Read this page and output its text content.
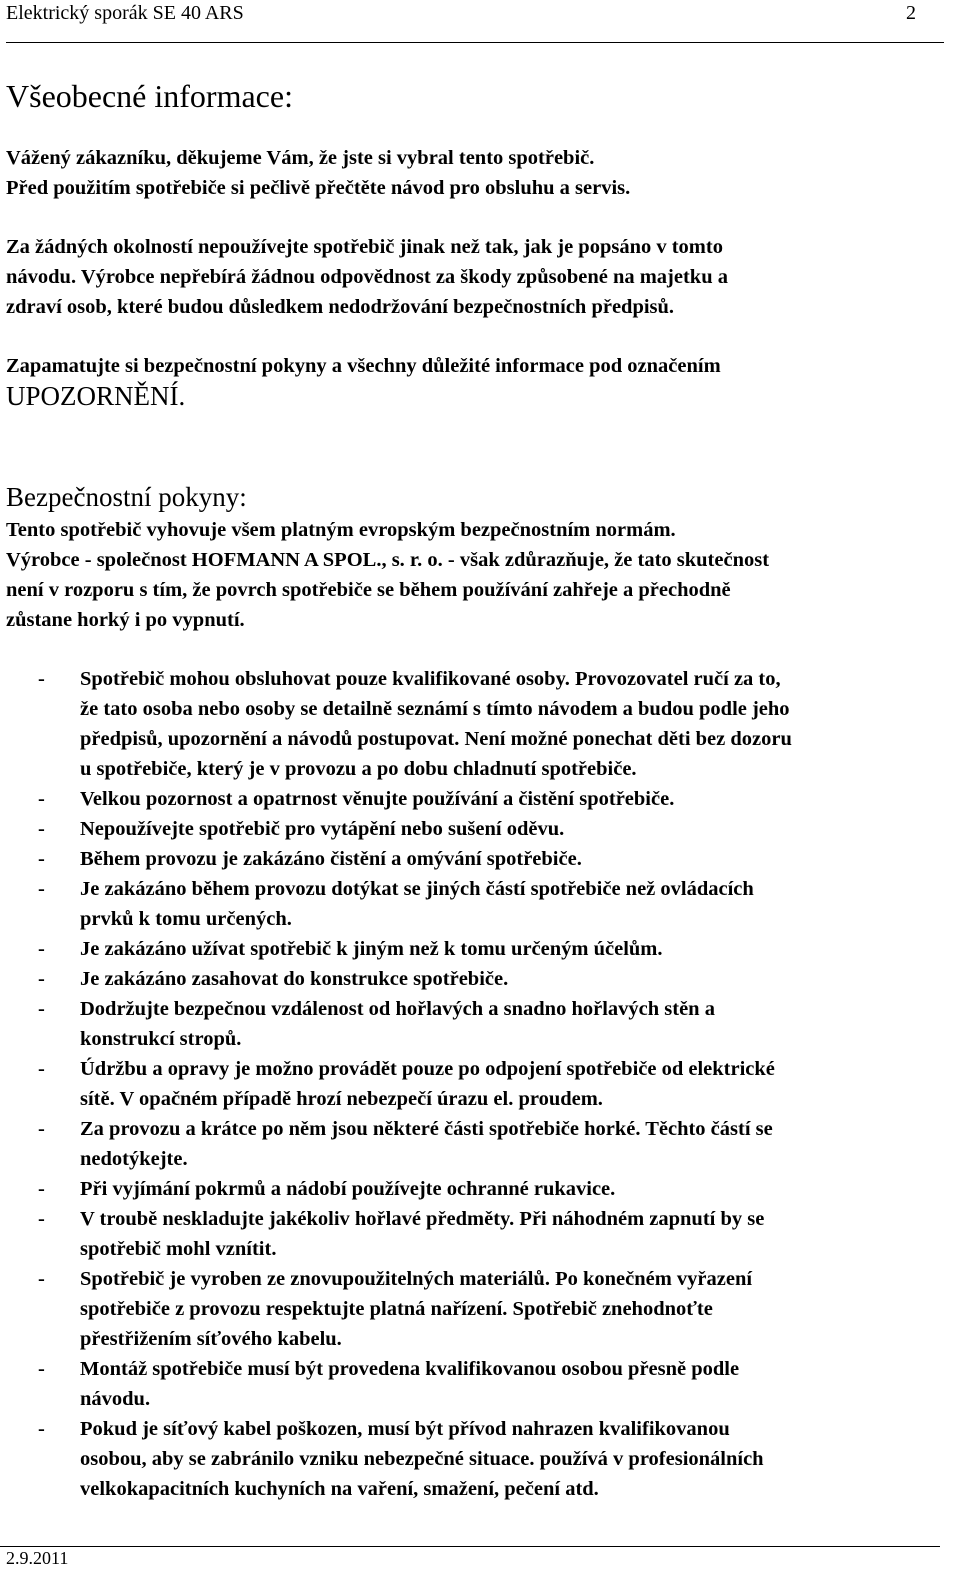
Elektrický sporák SE 40 ARS	2
Všeobecné informace:
Vážený zákazníku, děkujeme Vám, že jste si vybral tento spotřebič.
Před použitím spotřebiče si pečlivě přečtěte návod pro obsluhu a servis.
Za žádných okolností nepoužívejte spotřebič jinak než tak, jak je popsáno v tomto
návodu. Výrobce nepřebírá žádnou odpovědnost za škody způsobené na majetku a
zdraví osob, které budou důsledkem nedodržování bezpečnostních předpisů.
Zapamatujte si bezpečnostní pokyny a všechny důležité informace pod označením
UPOZORNĚNÍ.
Bezpečnostní pokyny:
Tento spotřebič vyhovuje všem platným evropským bezpečnostním normám.
Výrobce - společnost HOFMANN A SPOL., s. r. o. - však zdůrazňuje, že tato skutečnost
není v rozporu s tím, že povrch spotřebiče se během používání zahřeje a přechodně
zůstane horký i po vypnutí.
- Spotřebič mohou obsluhovat pouze kvalifikované osoby. Provozovatel ručí za to,
že tato osoba nebo osoby se detailně seznámí s tímto návodem a budou podle jeho
předpisů, upozornění a návodů postupovat. Není možné ponechat děti bez dozoru
u spotřebiče, který je v provozu a po dobu chladnutí spotřebiče.
- Velkou pozornost a opatrnost věnujte používání a čistění spotřebiče.
- Nepoužívejte spotřebič pro vytápění nebo sušení oděvu.
- Během provozu je zakázáno čistění a omývání spotřebiče.
- Je zakázáno během provozu dotýkat se jiných částí spotřebiče než ovládacích
prvků k tomu určených.
- Je zakázáno užívat spotřebič k jiným než k tomu určeným účelům.
- Je zakázáno zasahovat do konstrukce spotřebiče.
- Dodržujte bezpečnou vzdálenost od hořlavých a snadno hořlavých stěn a
konstrukcí stropů.
- Údržbu a opravy je možno provádět pouze po odpojení spotřebiče od elektrické
sítě. V opačném případě hrozí nebezpečí úrazu el. proudem.
- Za provozu a krátce po něm jsou některé části spotřebiče horké. Těchto částí se
nedotýkejte.
- Při vyjímání pokrmů a nádobí používejte ochranné rukavice.
- V troubě neskladujte jakékoliv hořlavé předměty. Při náhodném zapnutí by se
spotřebič mohl vznítit.
- Spotřebič je vyroben ze znovupoužitelných materiálů. Po konečném vyřazení
spotřebiče z provozu respektujte platná nařízení. Spotřebič znehodnoťte
přestřižením síťového kabelu.
- Montáž spotřebiče musí být provedena kvalifikovanou osobou přesně podle
návodu.
- Pokud je síťový kabel poškozen, musí být přívod nahrazen kvalifikovanou
osobou, aby se zabránilo vzniku nebezpečné situace. používá v profesionálních
velkokapacitních kuchyních na vaření, smažení, pečení atd.
2.9.2011
